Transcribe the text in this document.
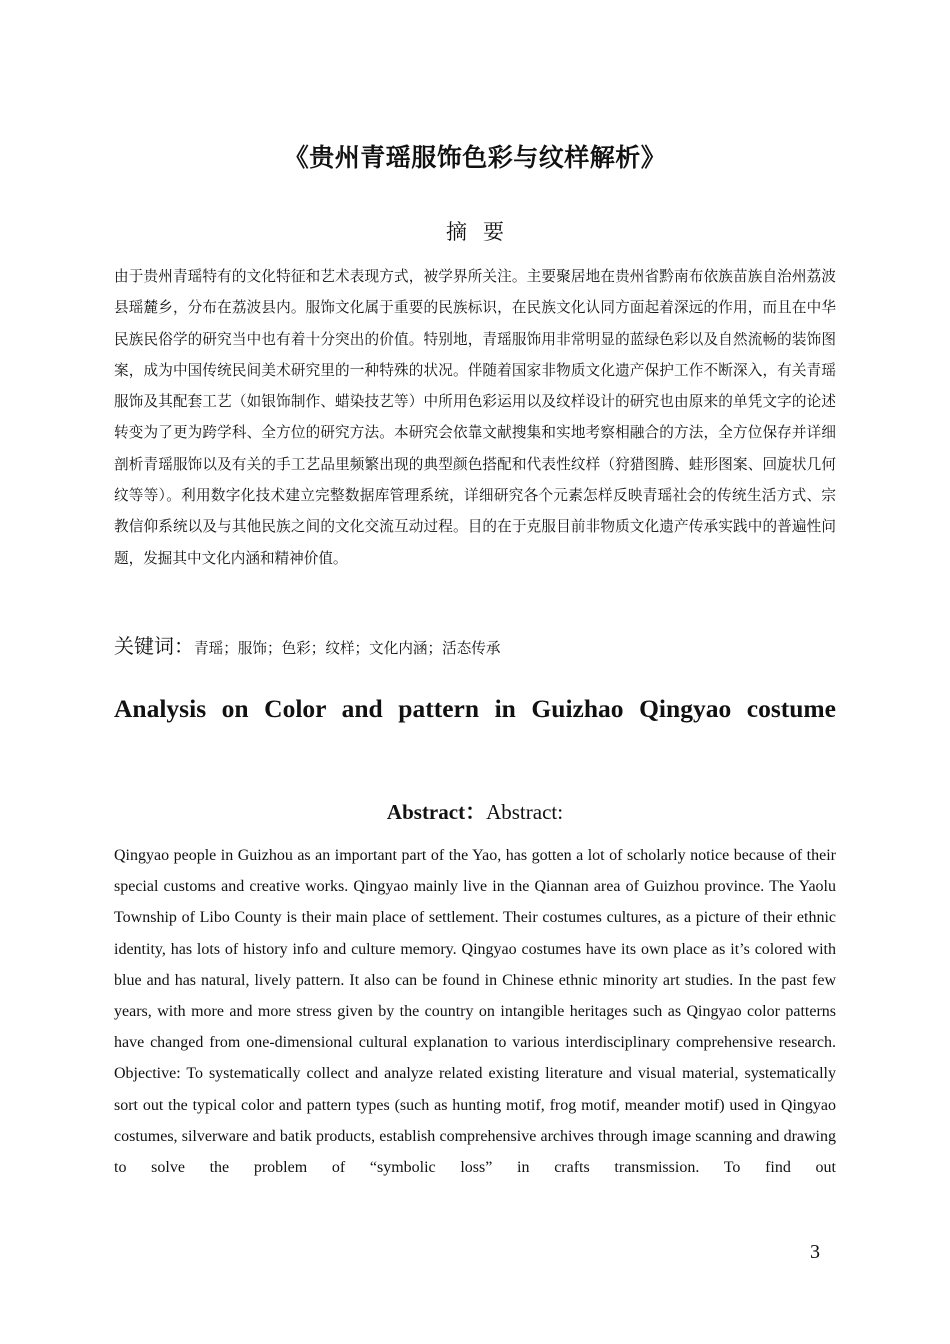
《贵州青瑶服饰色彩与纹样解析》
摘要

由于贵州青瑶特有的文化特征和艺术表现方式，被学界所关注。主要聚居地在贵州省黔南布依族苗族自治州荔波县瑶麓乡，分布在荔波县内。服饰文化属于重要的民族标识，在民族文化认同方面起着深远的作用，而且在中华民族民俗学的研究当中也有着十分突出的价值。特别地，青瑶服饰用非常明显的蓝绿色彩以及自然流畅的装饰图案，成为中国传统民间美术研究里的一种特殊的状况。伴随着国家非物质文化遗产保护工作不断深入，有关青瑶服饰及其配套工艺（如银饰制作、蜡染技艺等）中所用色彩运用以及纹样设计的研究也由原来的单凭文字的论述转变为了更为跨学科、全方位的研究方法。本研究会依靠文献搜集和实地考察相融合的方法，全方位保存并详细剖析青瑶服饰以及有关的手工艺品里频繁出现的典型颜色搭配和代表性纹样（狩猎图腾、蛙形图案、回旋状几何纹等等）。利用数字化技术建立完整数据库管理系统，详细研究各个元素怎样反映青瑶社会的传统生活方式、宗教信仰系统以及与其他民族之间的文化交流互动过程。目的在于克服目前非物质文化遗产传承实践中的普遍性问题，发掘其中文化内涵和精神价值。

关键词：青瑶；服饰；色彩；纹样；文化内涵；活态传承
Analysis on Color and pattern in Guizhao Qingyao costume
Abstract：Abstract:

Qingyao people in Guizhou as an important part of the Yao, has gotten a lot of scholarly notice because of their special customs and creative works. Qingyao mainly live in the Qiannan area of Guizhou province. The Yaolu Township of Libo County is their main place of settlement. Their costumes cultures, as a picture of their ethnic identity, has lots of history info and culture memory. Qingyao costumes have its own place as it’s colored with blue and has natural, lively pattern. It also can be found in Chinese ethnic minority art studies. In the past few years, with more and more stress given by the country on intangible heritages such as Qingyao color patterns have changed from one-dimensional cultural explanation to various interdisciplinary comprehensive research. Objective: To systematically collect and analyze related existing literature and visual material, systematically sort out the typical color and pattern types (such as hunting motif, frog motif, meander motif) used in Qingyao costumes, silverware and batik products, establish comprehensive archives through image scanning and drawing to solve the problem of “symbolic loss” in crafts transmission. To find out

3
